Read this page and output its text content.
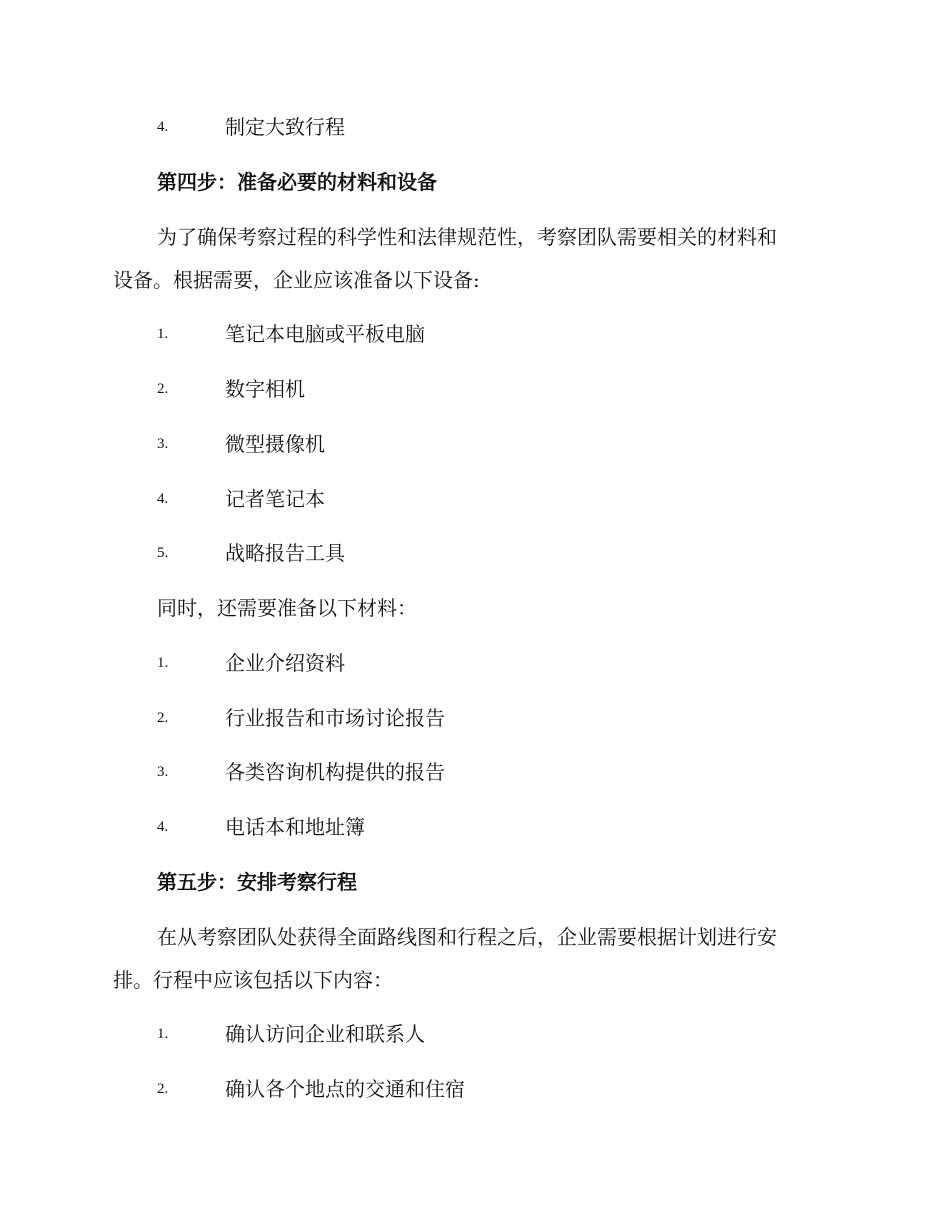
4.	制定大致行程
第四步：准备必要的材料和设备
为了确保考察过程的科学性和法律规范性，考察团队需要相关的材料和
设备。根据需要，企业应该准备以下设备:
1.	笔记本电脑或平板电脑
2.	数字相机
3.	微型摄像机
4.	记者笔记本
5.	战略报告工具
同时，还需要准备以下材料：
1.	企业介绍资料
2.	行业报告和市场讨论报告
3.	各类咨询机构提供的报告
4.	电话本和地址簿
第五步：安排考察行程
在从考察团队处获得全面路线图和行程之后，企业需要根据计划进行安
排。行程中应该包括以下内容：
1.	确认访问企业和联系人
2.	确认各个地点的交通和住宿
